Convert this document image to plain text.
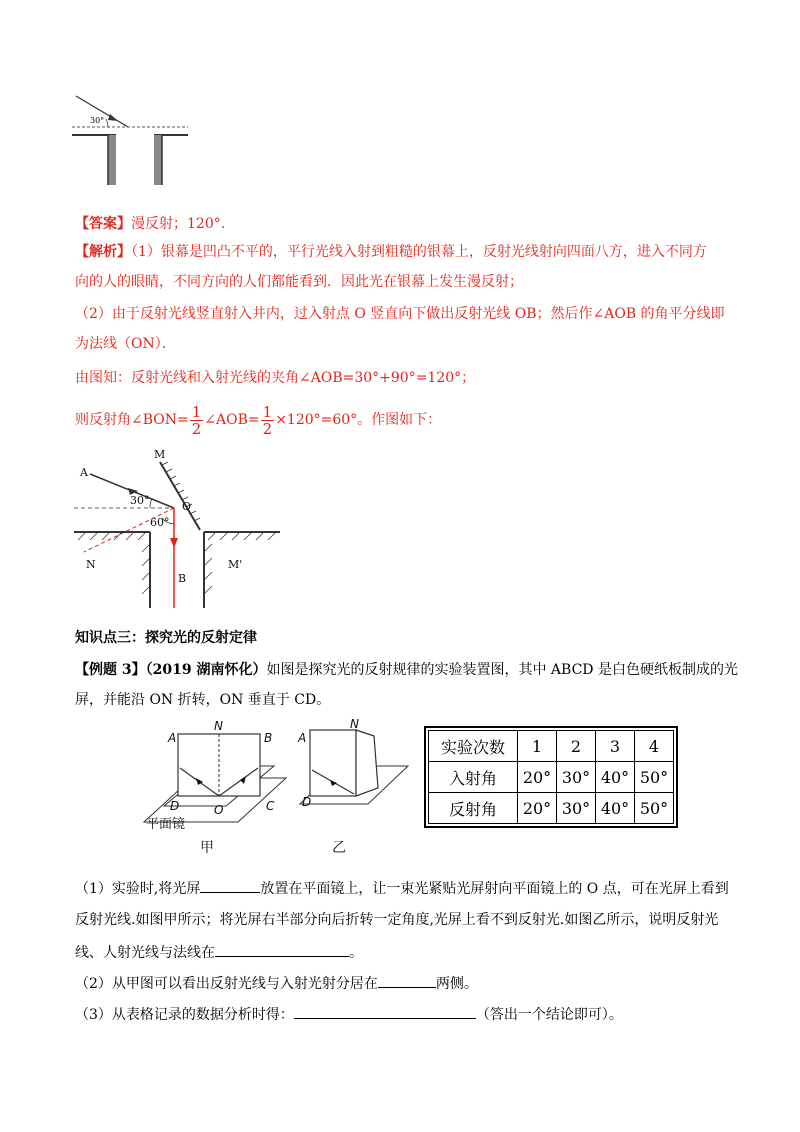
30°
【答案】漫反射；120°.
【解析】（1）银幕是凹凸不平的，平行光线入射到粗糙的银幕上，反射光线射向四面八方，进入不同方
向的人的眼睛，不同方向的人们都能看到．因此光在银幕上发生漫反射；
（2）由于反射光线竖直射入井内，过入射点 O 竖直向下做出反射光线 OB；然后作∠AOB 的角平分线即
为法线（ON）．
由图知：反射光线和入射光线的夹角∠AOB=30°+90°=120°；
则反射角∠BON= $\frac{1}{2}$ ∠AOB= $\frac{1}{2} \times 120^\circ=60^\circ$。作图如下：
A
M
O
30°
60°
N
B
M'
知识点三：探究光的反射定律
【例题 3】（2019 湖南怀化）如图是探究光的反射规律的实验装置图，其中 ABCD 是白色硬纸板制成的光
屏，并能沿 ON 折转，ON 垂直于 CD。
A
N
B
D	O	C
N
A
D
平面镜
甲	乙
实验次数	1	2	3	4
入射角	20°	30°	40°	50°
反射角	20°	30°	40°	50°
（1）实验时,将光屏	放置在平面镜上，让一束光紧贴光屏射向平面镜上的 O 点，可在光屏上看到
反射光线.如图甲所示；将光屏右半部分向后折转一定角度,光屏上看不到反射光.如图乙所示，说明反射光
线、人射光线与法线在	。
（2）从甲图可以看出反射光线与入射光射分居在	两侧。
（3）从表格记录的数据分析时得：	（答出一个结论即可）。
